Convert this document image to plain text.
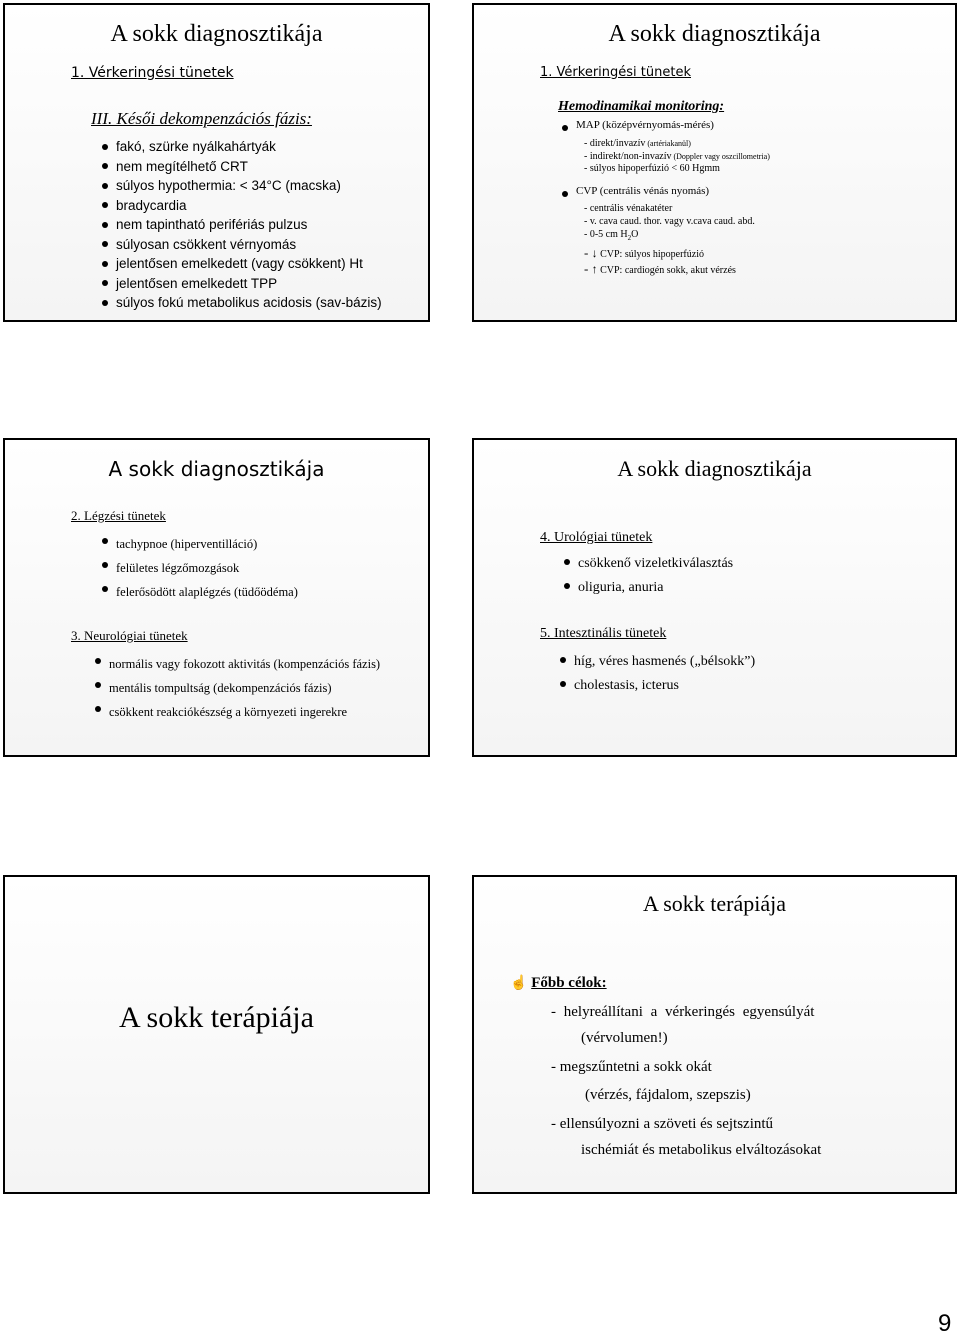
A sokk diagnosztikája
1. Vérkeringési tünetek
III. Késői dekompenzációs fázis:
fakó, szürke nyálkahártyák
nem megítélhető CRT
súlyos hypothermia: < 34°C (macska)
bradycardia
nem tapintható perifériás pulzus
súlyosan csökkent vérnyomás
jelentősen emelkedett (vagy csökkent) Ht
jelentősen emelkedett TPP
súlyos fokú metabolikus acidosis (sav-bázis)
A sokk diagnosztikája
1. Vérkeringési tünetek
Hemodinamikai monitoring:
MAP (középvérnyomás-mérés)
- direkt/invazív (artériakanül)
- indirekt/non-invazív (Doppler vagy oszcillometria)
- súlyos hipoperfúzió < 60 Hgmm
CVP (centrális vénás nyomás)
- centrális vénakatéter
- v. cava caud. thor. vagy v.cava caud. abd.
- 0-5 cm $H_2O$
- ↓ CVP: súlyos hipoperfúzió
- ↑ CVP: cardiogén sokk, akut vérzés
A sokk diagnosztikája
2. Légzési tünetek
tachypnoe (hiperventilláció)
felületes légzőmozgások
felerősödött alaplégzés (tüdőödéma)
3. Neurológiai tünetek
normális vagy fokozott aktivitás (kompenzációs fázis)
mentális tompultság (dekompenzációs fázis)
csökkent reakciókészség a környezeti ingerekre
A sokk diagnosztikája
4. Urológiai tünetek
csökkenő vizeletkiválasztás
oliguria, anuria
5. Intesztinális tünetek
híg, véres hasmenés („bélsokk”)
cholestasis, icterus
A sokk terápiája
A sokk terápiája
☝ Főbb célok:
- helyreállítani a vérkeringés egyensúlyát
(vérvolumen!)
- megszűntetni a sokk okát
(vérzés, fájdalom, szepszis)
- ellensúlyozni a szöveti és sejtszintű
ischémiát és metabolikus elváltozásokat
9
